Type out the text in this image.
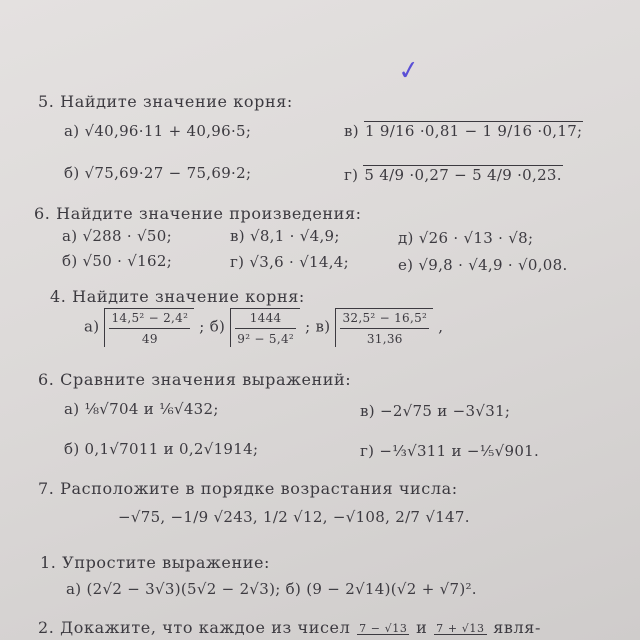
✓
5. Найдите значение корня:
а) √40,96·11 + 40,96·5;	в) 1 9/16 ·0,81 − 1 9/16 ·0,17;
б) √75,69·27 − 75,69·2;	г) 5 4/9 ·0,27 − 5 4/9 ·0,23.
6. Найдите значение произведения:
а) √288 · √50;	в) √8,1 · √4,9;	д) √26 · √13 · √8;
б) √50 · √162;	г) √3,6 · √14,4;	е) √9,8 · √4,9 · √0,08.
4. Найдите значение корня:
$а) \frac{\text{14,5² − 2,4²}}{49}$ ; $б) \frac{1444}{\text{9² − 5,4²}}$ ; $в) \frac{\text{32,5² − 16,5²}}{31,36}$ ,
6. Сравните значения выражений:
а) ⅛√704 и ⅙√432;	в) −2√75 и −3√31;
б) 0,1√7011 и 0,2√1914;	г) −⅓√311 и −⅕√901.
7. Расположите в порядке возрастания числа:
−√75, −1/9 √243, 1/2 √12, −√108, 2/7 √147.
1. Упростите выражение:
а) (2√2 − 3√3)(5√2 − 2√3); б) (9 − 2√14)(√2 + √7)².
2. Докажите, что каждое из чисел 7 − √13 и 7 + √13 явля-
